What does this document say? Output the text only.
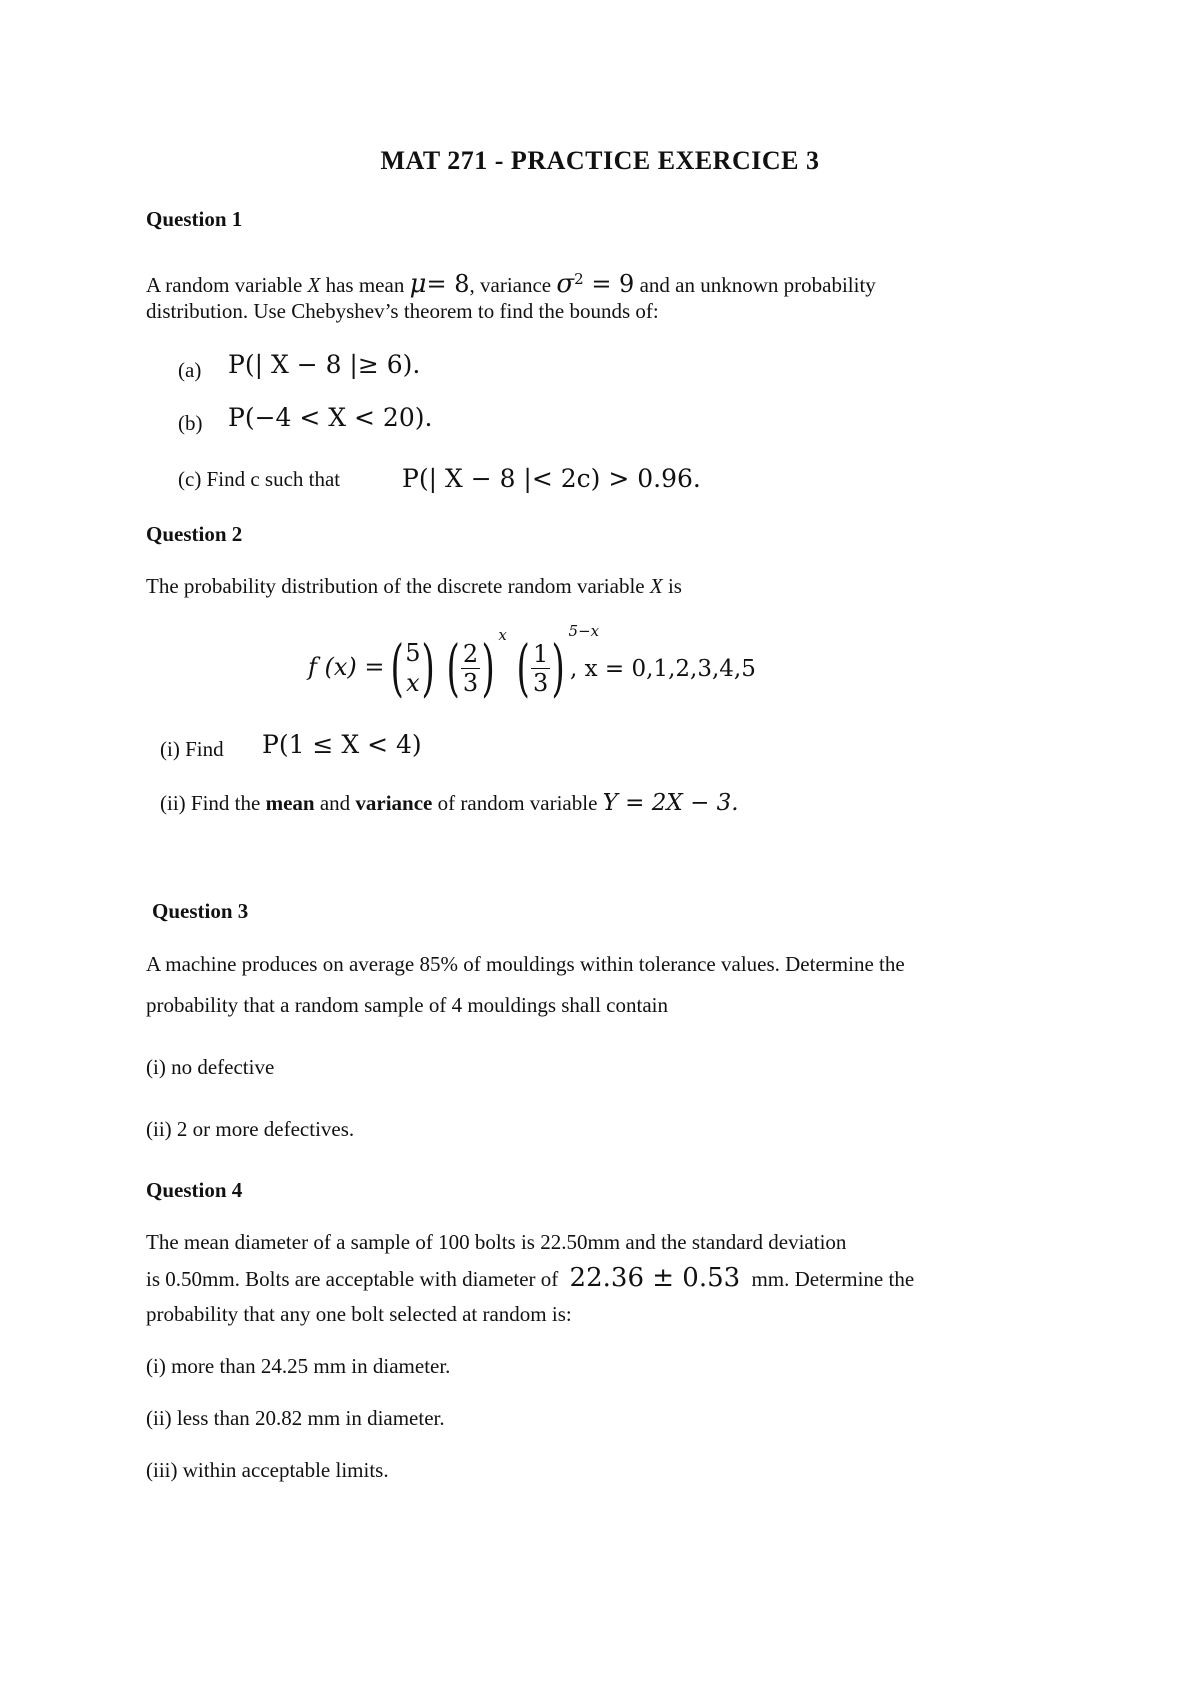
MAT 271 - PRACTICE EXERCICE 3
Question 1
A random variable X has mean μ= 8, variance $\sigma^2 = 9$ and an unknown probability
distribution. Use Chebyshev’s theorem to find the bounds of:
(a) P(| X − 8 |≥ 6).
(b) P(−4 < X < 20).
(c) Find c such that P(| X − 8 |< 2c) > 0.96.
Question 2
The probability distribution of the discrete random variable X is
f (x) = ( 5
x ) ( $\frac{2}{3}$ ) x ( $\frac{1}{3}$ ) 5−x
, x = 0,1,2,3,4,5
(i) Find P(1 ≤ X < 4)
(ii) Find the mean and variance of random variable Y = 2X − 3.
Question 3
A machine produces on average 85% of mouldings within tolerance values. Determine the
probability that a random sample of 4 mouldings shall contain
(i) no defective
(ii) 2 or more defectives.
Question 4
The mean diameter of a sample of 100 bolts is 22.50mm and the standard deviation
is 0.50mm. Bolts are acceptable with diameter of 22.36 ± 0.53 mm. Determine the
probability that any one bolt selected at random is:
(i) more than 24.25 mm in diameter.
(ii) less than 20.82 mm in diameter.
(iii) within acceptable limits.
